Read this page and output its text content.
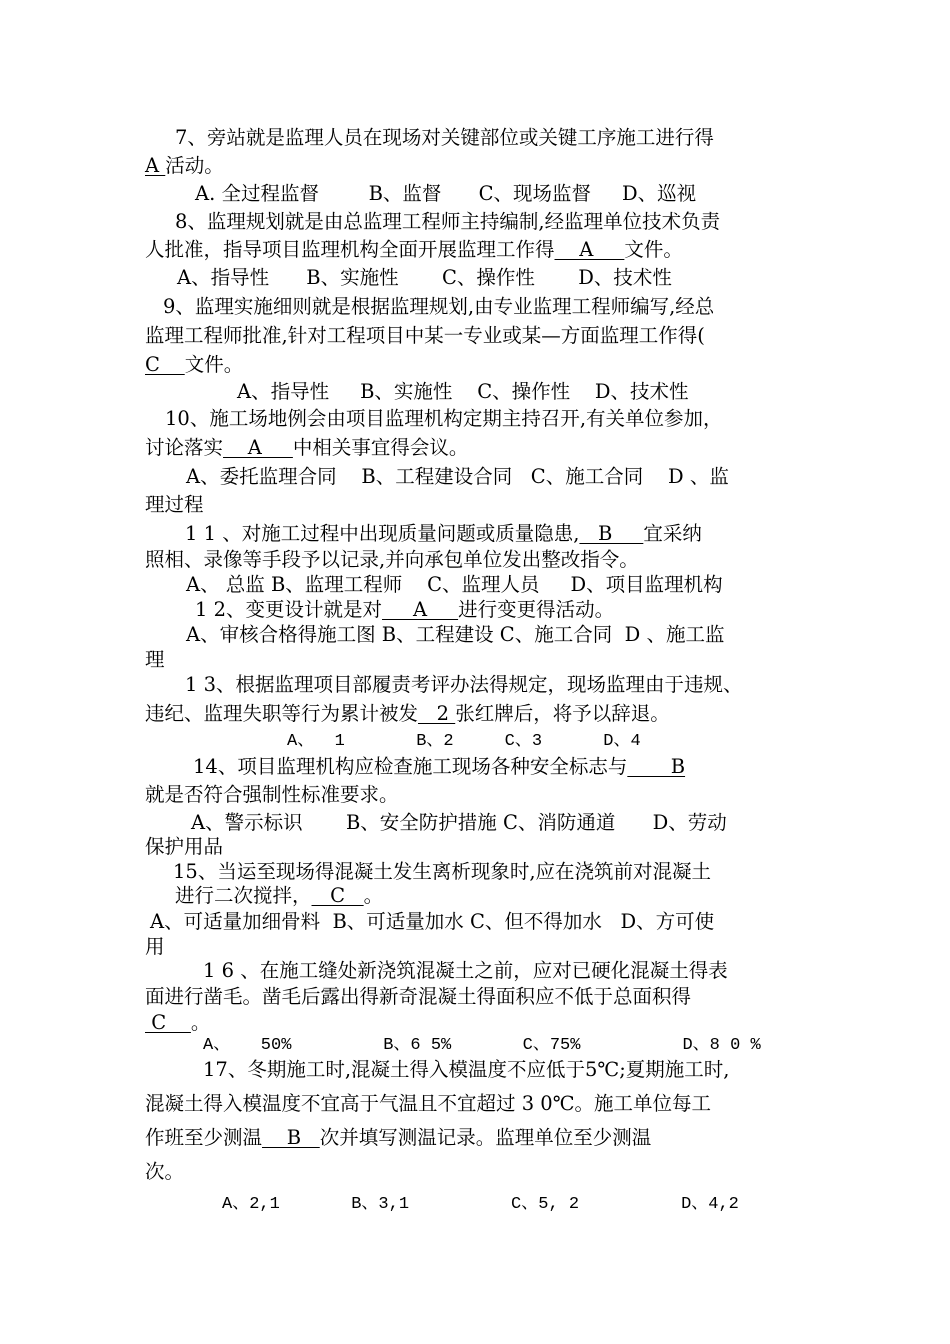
7、旁站就是监理人员在现场对关键部位或关键工序施工进行得
A 活动。
A. 全过程监督        B、监督      C、现场监督     D、巡视
8、监理规划就是由总监理工程师主持编制,经监理单位技术负责
人批准，指导项目监理机构全面开展监理工作得    A     文件。
A、指导性      B、实施性       C、操作性       D、技术性
9、监理实施细则就是根据监理规划,由专业监理工程师编写,经总
监理工程师批准,针对工程项目中某一专业或某—方面监理工作得(
C    文件。
A、指导性     B、实施性    C、操作性    D、技术性
10、施工场地例会由项目监理机构定期主持召开,有关单位参加，
讨论落实    A     中相关事宜得会议。
A、委托监理合同    B、工程建设合同   C、施工合同    D 、监
理过程
1 1 、对施工过程中出现质量问题或质量隐患,   B     宜采纳
照相、录像等手段予以记录,并向承包单位发出整改指令。
A、 总监 B、监理工程师    C、监理人员     D、项目监理机构
1 2、变更设计就是对     A     进行变更得活动。
A、审核合格得施工图 B、工程建设 C、施工合同  D 、施工监
理
1 3、根据监理项目部履责考评办法得规定，现场监理由于违规、
违纪、监理失职等行为累计被发   2 张红牌后，将予以辞退。
A、  1       B、2     C、3      D、4
14、项目监理机构应检查施工现场各种安全标志与       B
就是否符合强制性标准要求。
A、警示标识       B、安全防护措施 C、消防通道      D、劳动
保护用品
15、当运至现场得混凝土发生离析现象时,应在浇筑前对混凝土
进行二次搅拌，   C   。
A、可适量加细骨料  B、可适量加水 C、但不得加水   D、方可使
用
1 6 、在施工缝处新浇筑混凝土之前，应对已硬化混凝土得表
面进行凿毛。凿毛后露出得新奇混凝土得面积应不低于总面积得
C    。
A、   50%         B、6 5%       C、75%          D、8 0 %
17、冬期施工时,混凝土得入模温度不应低于5℃;夏期施工时,
混凝土得入模温度不宜高于气温且不宜超过 3 0℃。施工单位每工
作班至少测温    B   次并填写测温记录。监理单位至少测温
次。
A、2,1       B、3,1          C、5, 2          D、4,2
